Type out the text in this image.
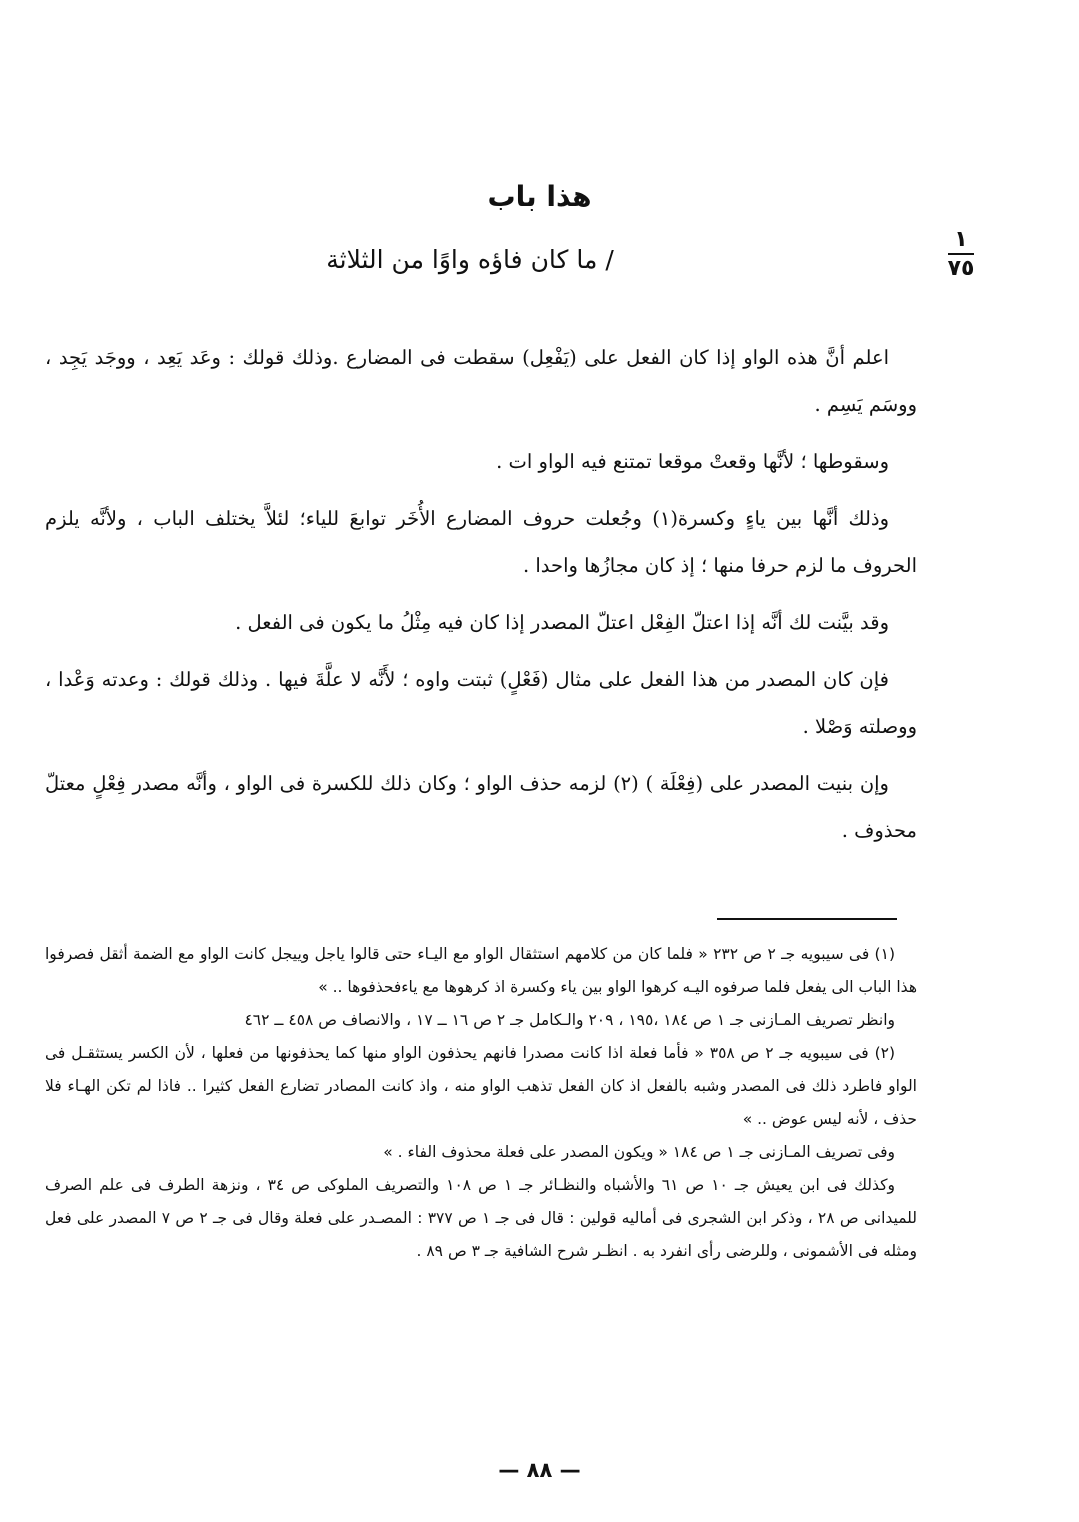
هذا باب
/ ما كان فاؤه واوًا من الثلاثة
١
٧٥

اعلم أنَّ هذه الواو إذا كان الفعل على (يَفْعِل) سقطت فى المضارع .وذلك قولك : وعَد يَعِد ، ووجَد يَجِد ، ووسَم يَسِم .

وسقوطها ؛ لأنَّها وقعتْ موقعا تمتنع فيه الواو ات .

وذلك أنَّها بين ياءٍ وكسرة(١) وجُعلت حروف المضارع الأُخَر توابعَ للياء؛ لئلاَّ يختلف الباب ، ولأنَّه يلزم الحروف ما لزم حرفا منها ؛ إذ كان مجازُها واحدا .

وقد بيَّنت لك أنَّه إذا اعتلّ الفِعْل اعتلّ المصدر إذا كان فيه مِثْلُ ما يكون فى الفعل .

فإن كان المصدر من هذا الفعل على مثال (فَعْلٍ) ثبتت واوه ؛ لأَنَّه لا علَّةَ فيها . وذلك قولك : وعدته وَعْدا ، ووصلته وَصْلا .

وإن بنيت المصدر على (فِعْلَة ) (٢) لزمه حذف الواو ؛ وكان ذلك للكسرة فى الواو ، وأنَّه مصدر فِعْلٍ معتلّ محذوف .

(١) فى سيبويه جـ ٢ ص ٢٣٢ « فلما كان من كلامهم استثقال الواو مع اليـاء حتى قالوا ياجل وييجل كانت الواو مع الضمة أثقل فصرفوا هذا الباب الى يفعل فلما صرفوه اليـه كرهوا الواو بين ياء وكسرة اذ كرهوها مع ياءفحذفوها .. »

وانظر تصريف المـازنى جـ ١ ص ١٨٤ ،١٩٥ ، ٢٠٩ والـكامل جـ ٢ ص ١٦ ــ ١٧ ، والانصاف ص ٤٥٨ ــ ٤٦٢

(٢) فى سيبويه جـ ٢ ص ٣٥٨ « فأما فعلة اذا كانت مصدرا فانهم يحذفون الواو منها كما يحذفونها من فعلها ، لأن الكسر يستثقـل فى الواو فاطرد ذلك فى المصدر وشبه بالفعل اذ كان الفعل تذهب الواو منه ، واذ كانت المصادر تضارع الفعل كثيرا .. فاذا لم تكن الهـاء فلا حذف ، لأنه ليس عوض .. »

وفى تصريف المـازنى جـ ١ ص ١٨٤ « ويكون المصدر على فعلة محذوف الفاء . »

وكذلك فى ابن يعيش جـ ١٠ ص ٦١ والأشباه والنظـائر جـ ١ ص ١٠٨ والتصريف الملوكى ص ٣٤ ، ونزهة الطرف فى علم الصرف للميدانى ص ٢٨ ، وذكر ابن الشجرى فى أماليه قولين : قال فى جـ ١ ص ٣٧٧ : المصـدر على فعلة وقال فى جـ ٢ ص ٧ المصدر على فعل ومثله فى الأشمونى ، وللرضى رأى انفرد به . انظـر شرح الشافية جـ ٣ ص ٨٩ .

— ٨٨ —
